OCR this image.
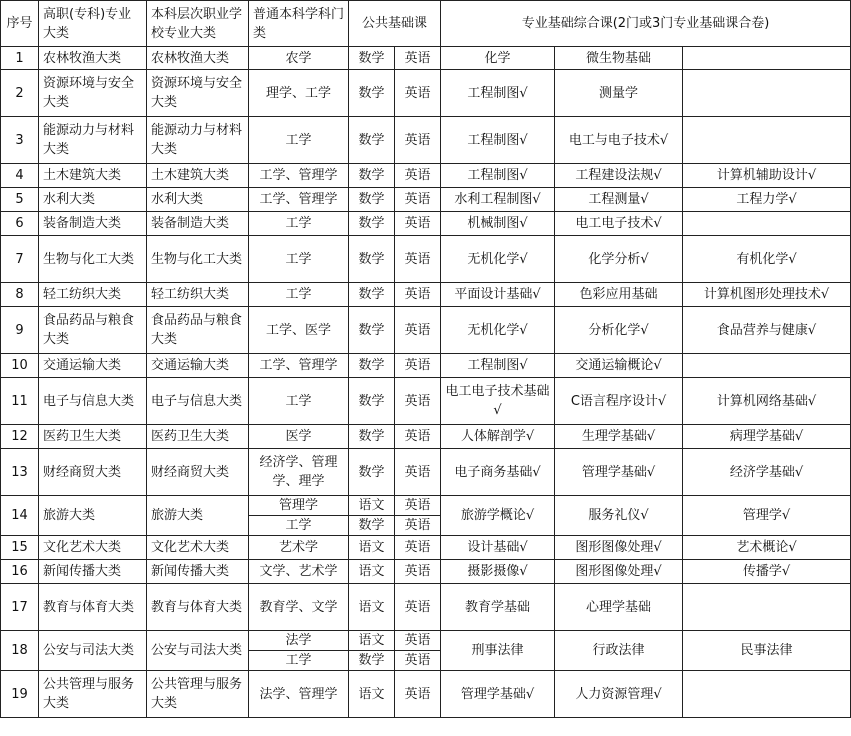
序号	高职(专科)专业大类	本科层次职业学校专业大类	普通本科学科门类	公共基础课		专业基础综合课(2门或3门专业基础课合卷)		
1	农林牧渔大类	农林牧渔大类	农学	数学	英语	化学	微生物基础	
2	资源环境与安全大类	资源环境与安全大类	理学、工学	数学	英语	工程制图√	测量学	
3	能源动力与材料大类	能源动力与材料大类	工学	数学	英语	工程制图√	电工与电子技术√	
4	土木建筑大类	土木建筑大类	工学、管理学	数学	英语	工程制图√	工程建设法规√	计算机辅助设计√
5	水利大类	水利大类	工学、管理学	数学	英语	水利工程制图√	工程测量√	工程力学√
6	装备制造大类	装备制造大类	工学	数学	英语	机械制图√	电工电子技术√	
7	生物与化工大类	生物与化工大类	工学	数学	英语	无机化学√	化学分析√	有机化学√
8	轻工纺织大类	轻工纺织大类	工学	数学	英语	平面设计基础√	色彩应用基础	计算机图形处理技术√
9	食品药品与粮食大类	食品药品与粮食大类	工学、医学	数学	英语	无机化学√	分析化学√	食品营养与健康√
10	交通运输大类	交通运输大类	工学、管理学	数学	英语	工程制图√	交通运输概论√	
11	电子与信息大类	电子与信息大类	工学	数学	英语	电工电子技术基础√	C语言程序设计√	计算机网络基础√
12	医药卫生大类	医药卫生大类	医学	数学	英语	人体解剖学√	生理学基础√	病理学基础√
13	财经商贸大类	财经商贸大类	经济学、管理学、理学	数学	英语	电子商务基础√	管理学基础√	经济学基础√
14	旅游大类	旅游大类	管理学	语文	英语	旅游学概论√	服务礼仪√	管理学√
			工学	数学	英语			
15	文化艺术大类	文化艺术大类	艺术学	语文	英语	设计基础√	图形图像处理√	艺术概论√
16	新闻传播大类	新闻传播大类	文学、艺术学	语文	英语	摄影摄像√	图形图像处理√	传播学√
17	教育与体育大类	教育与体育大类	教育学、文学	语文	英语	教育学基础	心理学基础	
18	公安与司法大类	公安与司法大类	法学	语文	英语	刑事法律	行政法律	民事法律
			工学	数学	英语			
19	公共管理与服务大类	公共管理与服务大类	法学、管理学	语文	英语	管理学基础√	人力资源管理√	
